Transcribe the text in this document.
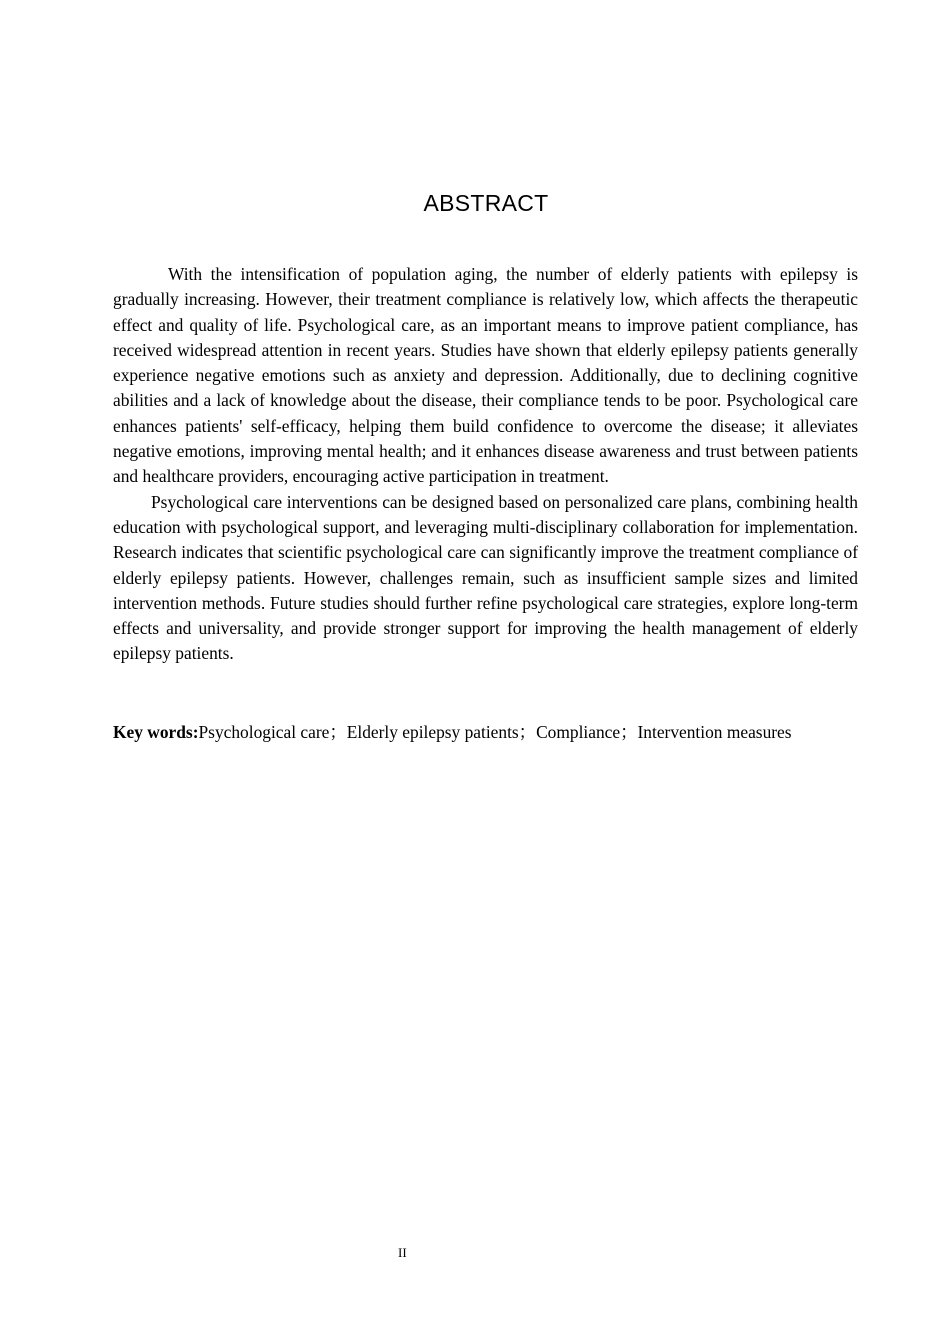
ABSTRACT

With the intensification of population aging, the number of elderly patients with epilepsy is gradually increasing. However, their treatment compliance is relatively low, which affects the therapeutic effect and quality of life. Psychological care, as an important means to improve patient compliance, has received widespread attention in recent years. Studies have shown that elderly epilepsy patients generally experience negative emotions such as anxiety and depression. Additionally, due to declining cognitive abilities and a lack of knowledge about the disease, their compliance tends to be poor. Psychological care enhances patients' self-efficacy, helping them build confidence to overcome the disease; it alleviates negative emotions, improving mental health; and it enhances disease awareness and trust between patients and healthcare providers, encouraging active participation in treatment.

Psychological care interventions can be designed based on personalized care plans, combining health education with psychological support, and leveraging multi-disciplinary collaboration for implementation. Research indicates that scientific psychological care can significantly improve the treatment compliance of elderly epilepsy patients. However, challenges remain, such as insufficient sample sizes and limited intervention methods. Future studies should further refine psychological care strategies, explore long-term effects and universality, and provide stronger support for improving the health management of elderly epilepsy patients.

Key words:Psychological care；Elderly epilepsy patients；Compliance；Intervention measures
II
